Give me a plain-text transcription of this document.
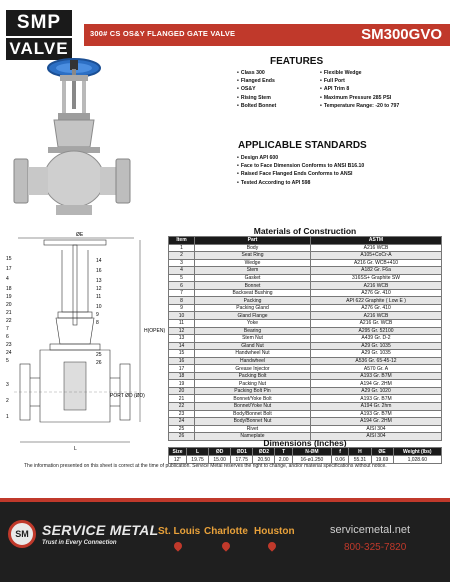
SMP
VALVE
300# CS OS&Y FLANGED GATE VALVE	SM300GVO
FEATURES
• Class 300
• Flanged Ends
• OS&Y
• Rising Stem
• Bolted Bonnet
• Flexible Wedge
• Full Port
• API Trim 8
• Maximum Pressure 285 PSI
• Temperature Range: -20 to 797
APPLICABLE STANDARDS
• Design API 600
• Face to Face Dimension Conforms to ANSI B16.10
• Raised Face Flanged Ends Conforms to ANSI
• Tested According to API 598
ØE
L
H(OPEN)
PORT ØD (ØD)
15
17
4
18
19
20
21
22
7
6
23
24
5
3
2
1
14
16
13
12
11
10
9
8
25
26
Materials of Construction
Item	Part	ASTM
1	Body	A216 WCB
2	Seat Ring	A105+CoCr-A
3	Wedge	A216 Gr. WCB+410
4	Stem	A182 Gr. F6a
5	Gasket	316SS+ Graphite SW
6	Bonnet	A216 WCB
7	Backseat Bushing	A276 Gr. 410
8	Packing	API 622 Graphite ( Low E )
9	Packing Gland	A276 Gr. 410
10	Gland Flange	A216 WCB
11	Yoke	A216 Gr. WCB
12	Bearing	A295 Gr. 52100
13	Stem Nut	A439 Gr. D-2
14	Gland Nut	A29 Gr. 1035
15	Handwheel Nut	A29 Gr. 1035
16	Handwheel	A536 Gr. 65-45-12
17	Grease Injector	A570 Gr. A
18	Packing Bolt	A193 Gr. B7M
19	Packing Nut	A194 Gr. 2HM
20	Packing Bolt Pin	A29 Gr. 1020
21	Bonnet/Yoke Bolt	A193 Gr. B7M
22	Bonnet/Yoke Nut	A194 Gr. 2hm
23	Body/Bonnet Bolt	A193 Gr. B7M
24	Body/Bonnet Nut	A194 Gr. 2HM
25	Rivet	AISI 304
26	Nameplate	AISI 304
Dimensions (Inches)
Size	L	ØD	ØD1	ØD2	T	N-ØM	f	H	ØE	Weight (lbs)
12"	19.75	15.00	17.75	20.50	2.00	16-ø1.250	0.06	55.31	19.69	1,028.60
The information presented on this sheet is correct at the time of publication. Service Metal reserves the right to change, and/or material specifications without notice.
SM SERVICE METAL
Trust in Every Connection
St. Louis Charlotte Houston	servicemetal.net
800-325-7820
